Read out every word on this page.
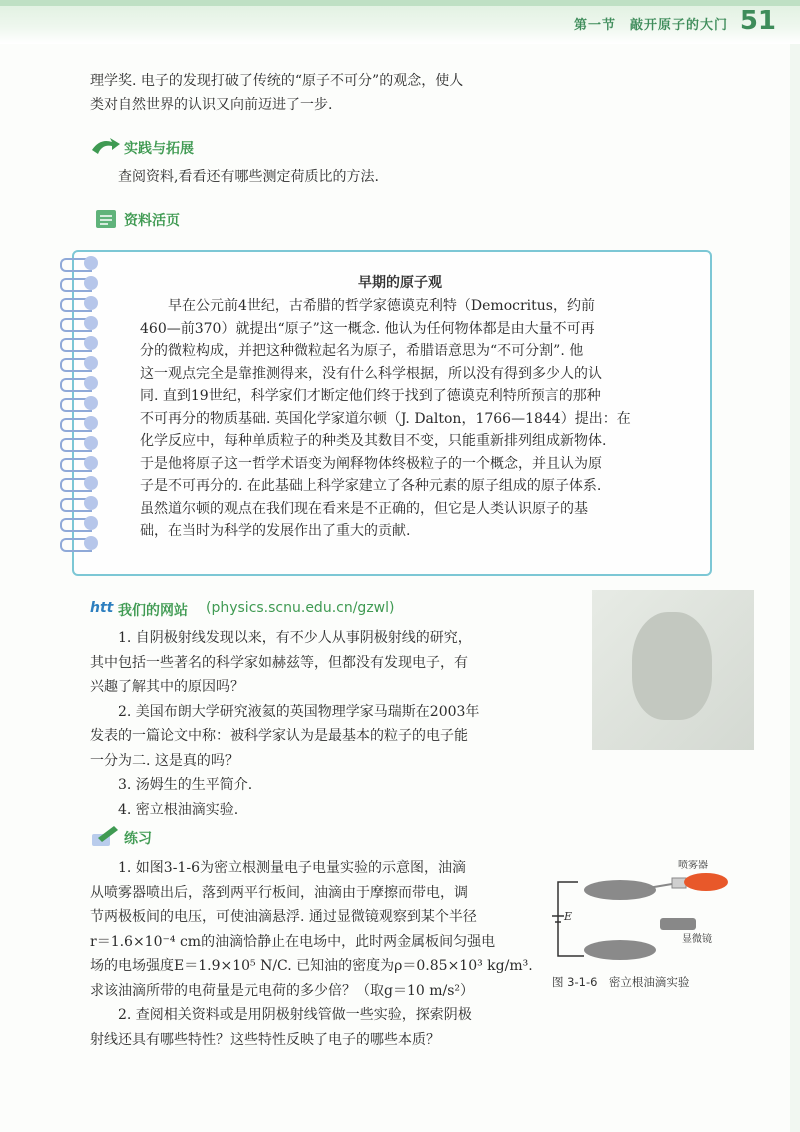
第一节　敲开原子的大门 51
理学奖. 电子的发现打破了传统的“原子不可分”的观念，使人
类对自然世界的认识又向前迈进了一步.
实践与拓展
查阅资料,看看还有哪些测定荷质比的方法.
资料活页
早期的原子观
　　早在公元前4世纪，古希腊的哲学家德谟克利特（Democritus，约前
460—前370）就提出“原子”这一概念. 他认为任何物体都是由大量不可再
分的微粒构成，并把这种微粒起名为原子，希腊语意思为“不可分割”. 他
这一观点完全是靠推测得来，没有什么科学根据，所以没有得到多少人的认
同. 直到19世纪，科学家们才断定他们终于找到了德谟克利特所预言的那种
不可再分的物质基础. 英国化学家道尔顿（J. Dalton，1766—1844）提出：在
化学反应中，每种单质粒子的种类及其数目不变，只能重新排列组成新物体.
于是他将原子这一哲学术语变为阐释物体终极粒子的一个概念，并且认为原
子是不可再分的. 在此基础上科学家建立了各种元素的原子组成的原子体系.
虽然道尔顿的观点在我们现在看来是不正确的，但它是人类认识原子的基
础，在当时为科学的发展作出了重大的贡献.
htt 我们的网站 (physics.scnu.edu.cn/gzwl)
　　1. 自阴极射线发现以来，有不少人从事阴极射线的研究，
其中包括一些著名的科学家如赫兹等，但都没有发现电子，有
兴趣了解其中的原因吗？
　　2. 美国布朗大学研究液氦的英国物理学家马瑞斯在2003年
发表的一篇论文中称：被科学家认为是最基本的粒子的电子能
一分为二. 这是真的吗？
　　3. 汤姆生的生平简介.
　　4. 密立根油滴实验.
练习
　　1. 如图3-1-6为密立根测量电子电量实验的示意图，油滴
从喷雾器喷出后，落到两平行板间，油滴由于摩擦而带电，调
节两极板间的电压，可使油滴悬浮. 通过显微镜观察到某个半径
r＝1.6×10⁻⁴ cm的油滴恰静止在电场中，此时两金属板间匀强电
场的电场强度E＝1.9×10⁵ N/C. 已知油的密度为ρ＝0.85×10³ kg/m³.
求该油滴所带的电荷量是元电荷的多少倍？（取g＝10 m/s²）
　　2. 查阅相关资料或是用阴极射线管做一些实验，探索阴极
射线还具有哪些特性？这些特性反映了电子的哪些本质？
喷雾器
显微镜
E
图 3-1-6　密立根油滴实验
